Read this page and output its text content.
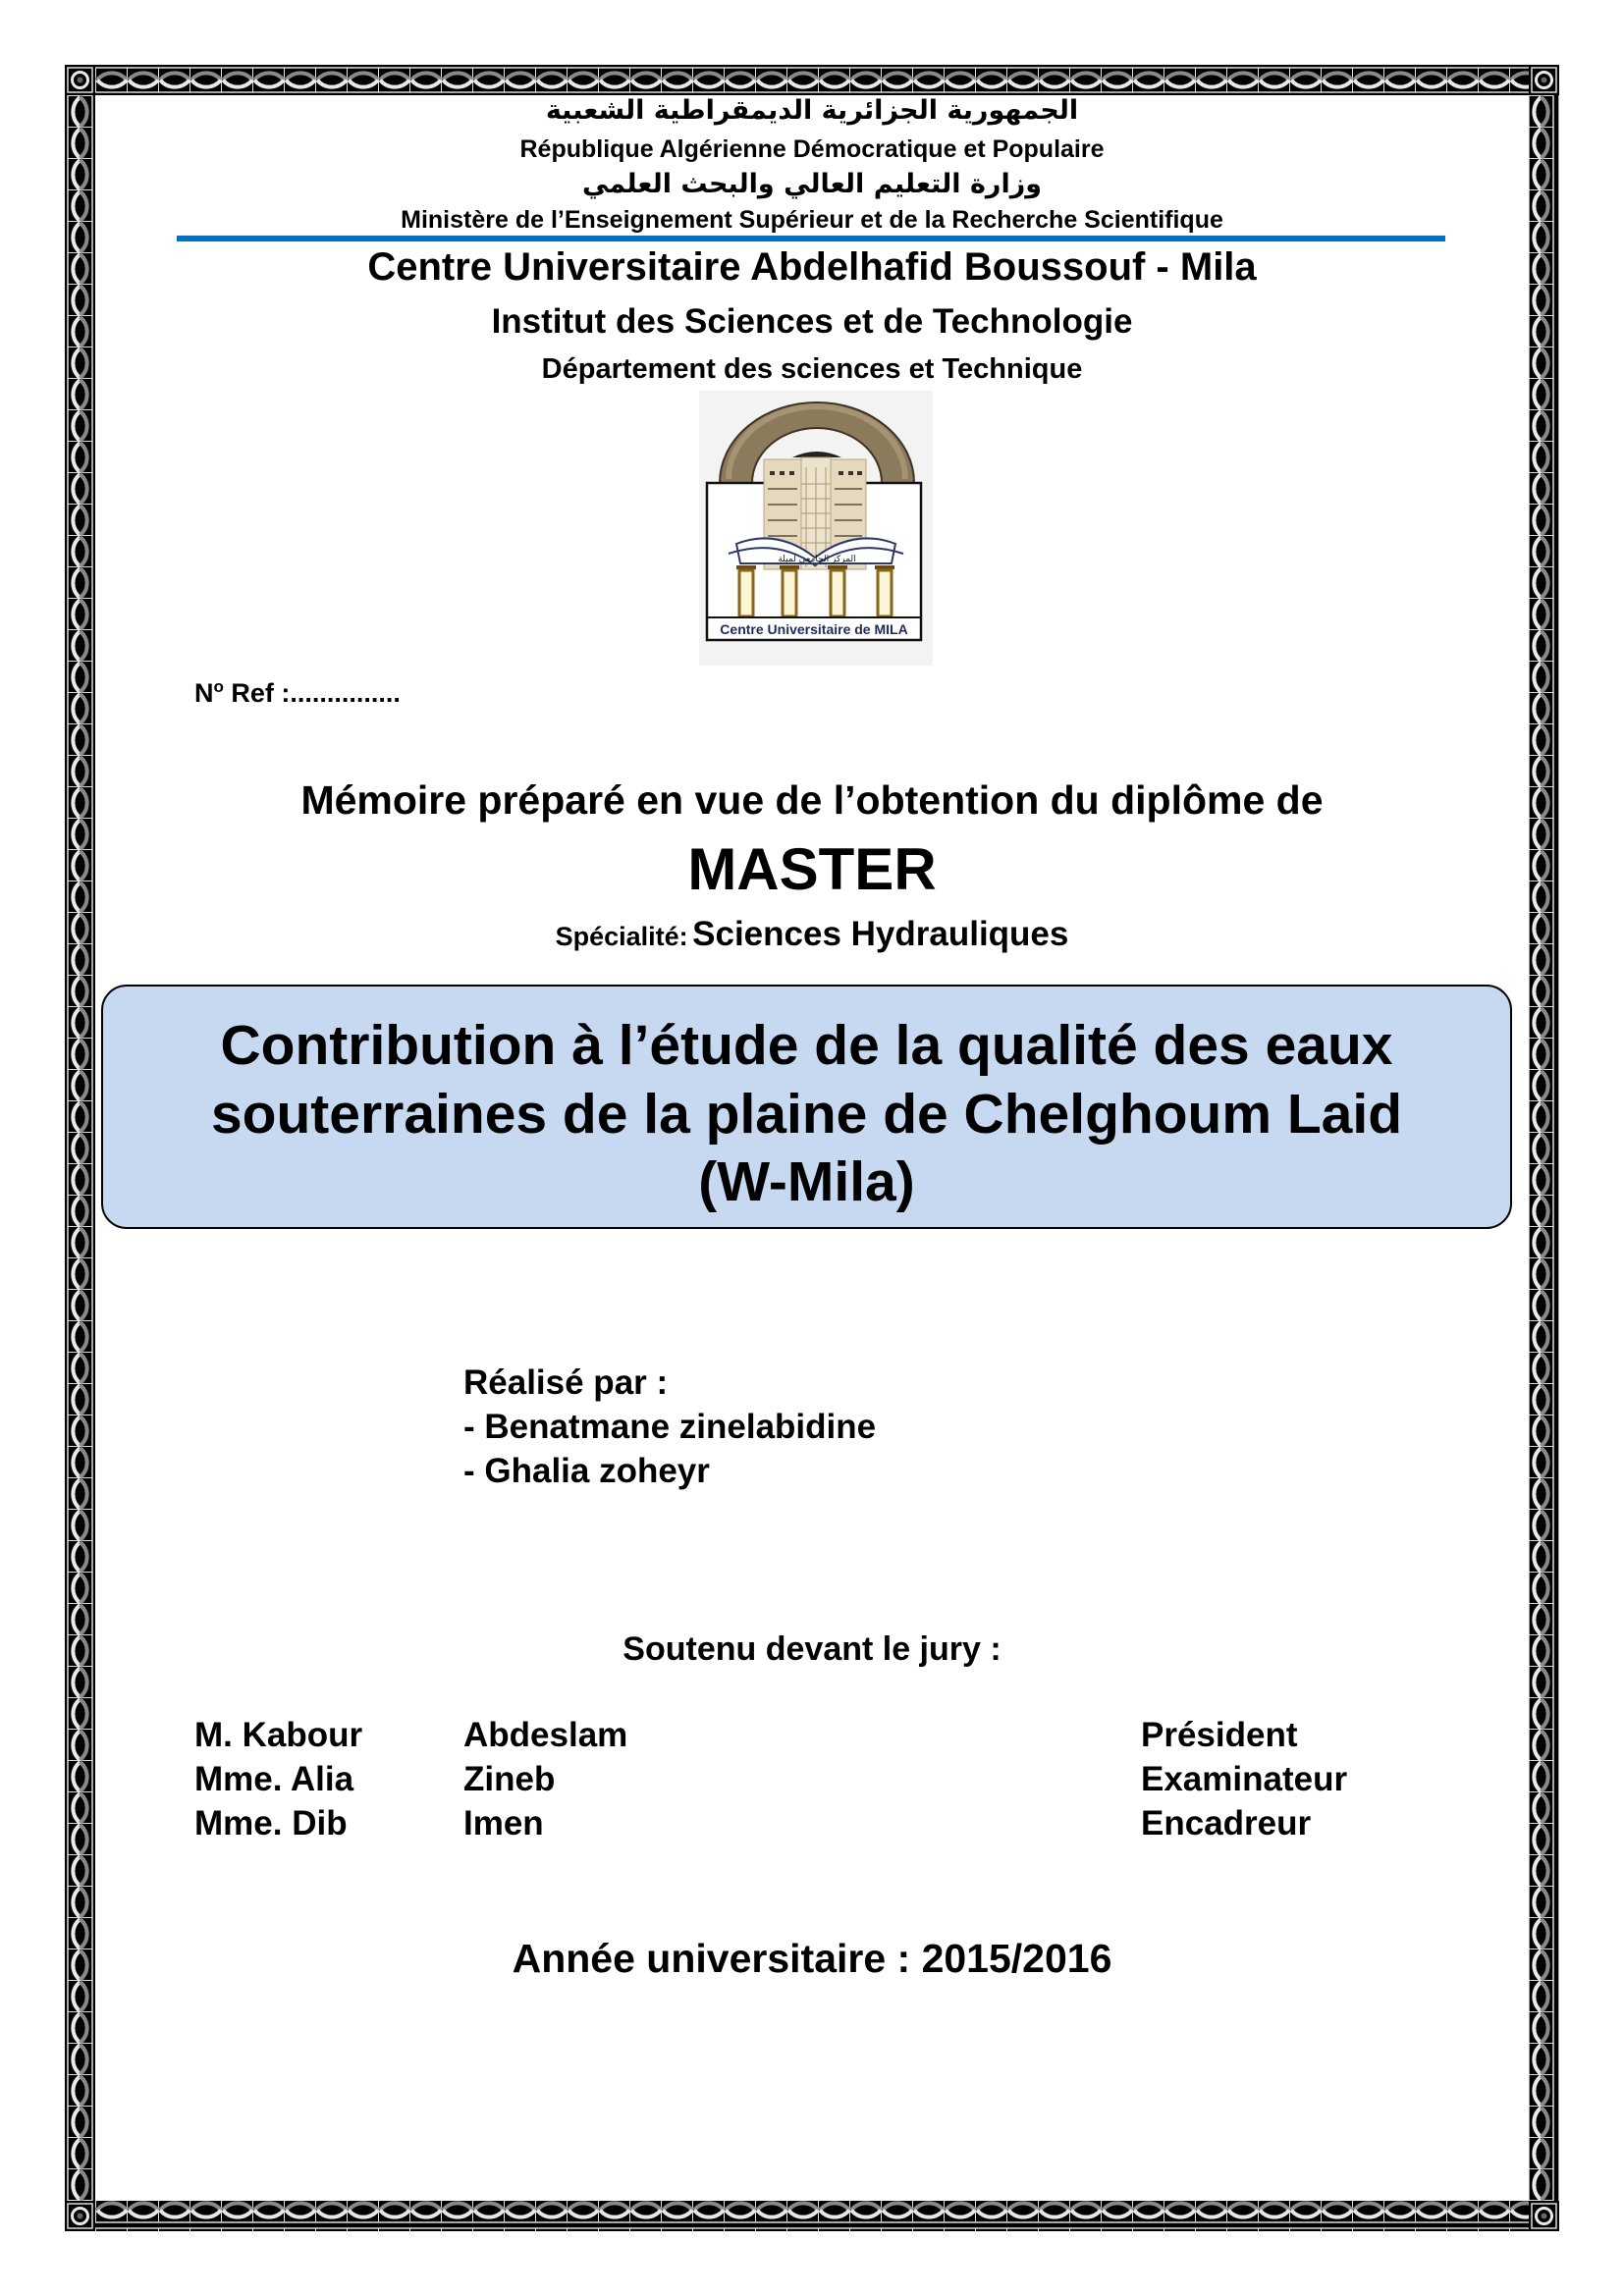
الجمهورية الجزائرية الديمقراطية الشعبية
République Algérienne Démocratique et Populaire
وزارة التعليم العالي والبحث العلمي
Ministère de l’Enseignement Supérieur et de la Recherche Scientifique
Centre Universitaire Abdelhafid Boussouf - Mila
Institut des Sciences et de Technologie
Département des sciences et Technique
المركز الجامعي لميلة
Centre Universitaire de MILA
$N^o$ Ref :...............
Mémoire préparé en vue de l’obtention du diplôme de
MASTER
Spécialité: Sciences Hydrauliques
Contribution à l’étude de la qualité des eaux
souterraines de la plaine de Chelghoum Laid
(W-Mila)
Réalisé par :
- Benatmane zinelabidine
- Ghalia zoheyr
Soutenu devant le jury :
M. Kabour	Abdeslam	Président
Mme. Alia	Zineb	Examinateur
Mme. Dib	Imen	Encadreur
Année universitaire : 2015/2016
